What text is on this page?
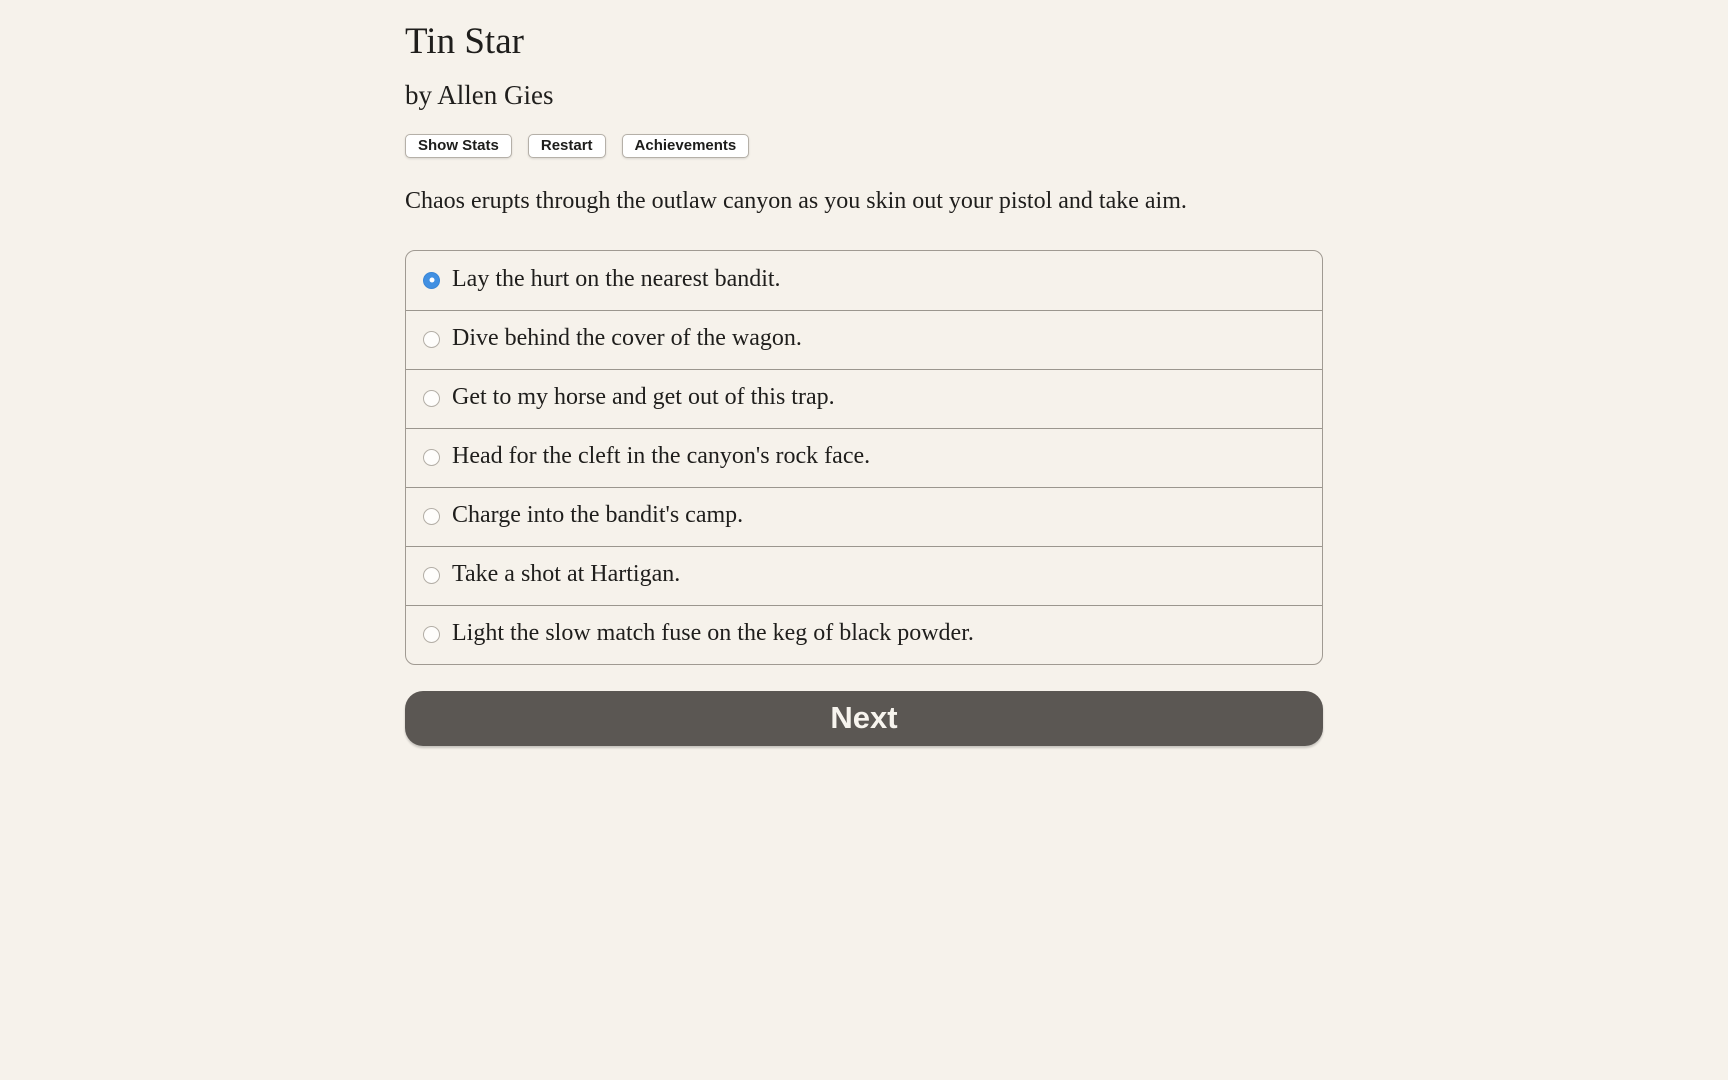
Tin Star
by Allen Gies
Show Stats	Restart	Achievements

Chaos erupts through the outlaw canyon as you skin out your pistol and take aim.

Lay the hurt on the nearest bandit.
Dive behind the cover of the wagon.
Get to my horse and get out of this trap.
Head for the cleft in the canyon's rock face.
Charge into the bandit's camp.
Take a shot at Hartigan.
Light the slow match fuse on the keg of black powder.
Next
